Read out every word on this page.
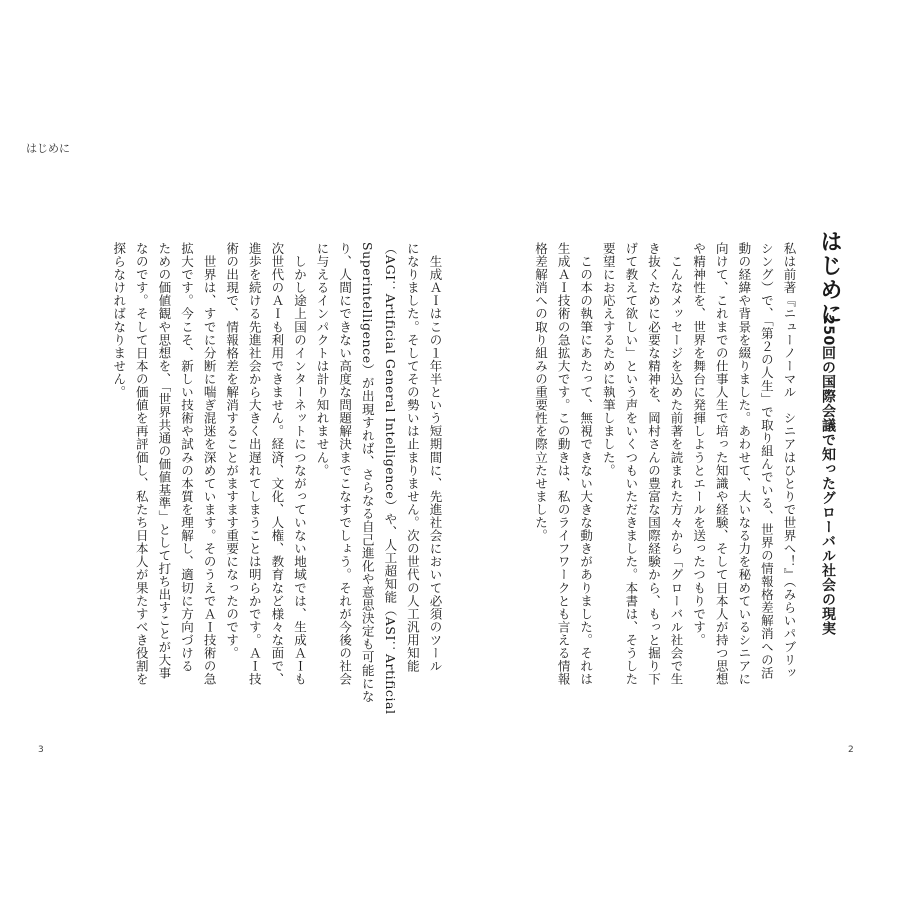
はじめに
はじめに
250回の国際会議で知ったグローバル社会の現実

私は前著『ニューノーマル　シニアはひとりで世界へ！』（みらいパブリッ

シング）で、「第２の人生」で取り組んでいる、世界の情報格差解消への活

動の経緯や背景を綴りました。あわせて、大いなる力を秘めているシニアに

向けて、これまでの仕事人生で培った知識や経験、そして日本人が持つ思想

や精神性を、世界を舞台に発揮しようとエールを送ったつもりです。

　こんなメッセージを込めた前著を読まれた方々から「グローバル社会で生

き抜くために必要な精神を、岡村さんの豊富な国際経験から、もっと掘り下

げて教えて欲しい」という声をいくつもいただきました。本書は、そうした

要望にお応えするために執筆しました。

　この本の執筆にあたって、無視できない大きな動きがありました。それは

生成ＡＩ技術の急拡大です。この動きは、私のライフワークとも言える情報

格差解消への取り組みの重要性を際立たせました。

　生成ＡＩはこの１年半という短期間に、先進社会において必須のツール

になりました。そしてその勢いは止まりません。次の世代の人工汎用知能

（AGI：Artificial General Intelligence）や、人工超知能（ASI：Artificial

Superintelligence）が出現すれば、さらなる自己進化や意思決定も可能にな

り、人間にできない高度な問題解決までこなすでしょう。それが今後の社会

に与えるインパクトは計り知れません。

　しかし途上国のインターネットにつながっていない地域では、生成ＡＩも

次世代のＡＩも利用できません。経済、文化、人権、教育など様々な面で、

進歩を続ける先進社会から大きく出遅れてしまうことは明らかです。ＡＩ技

術の出現で、情報格差を解消することがますます重要になったのです。

　世界は、すでに分断に喘ぎ混迷を深めています。そのうえでＡＩ技術の急

拡大です。今こそ、新しい技術や試みの本質を理解し、適切に方向づける

ための価値観や思想を、「世界共通の価値基準」として打ち出すことが大事

なのです。そして日本の価値を再評価し、私たち日本人が果たすべき役割を

探らなければなりません。

3	2
